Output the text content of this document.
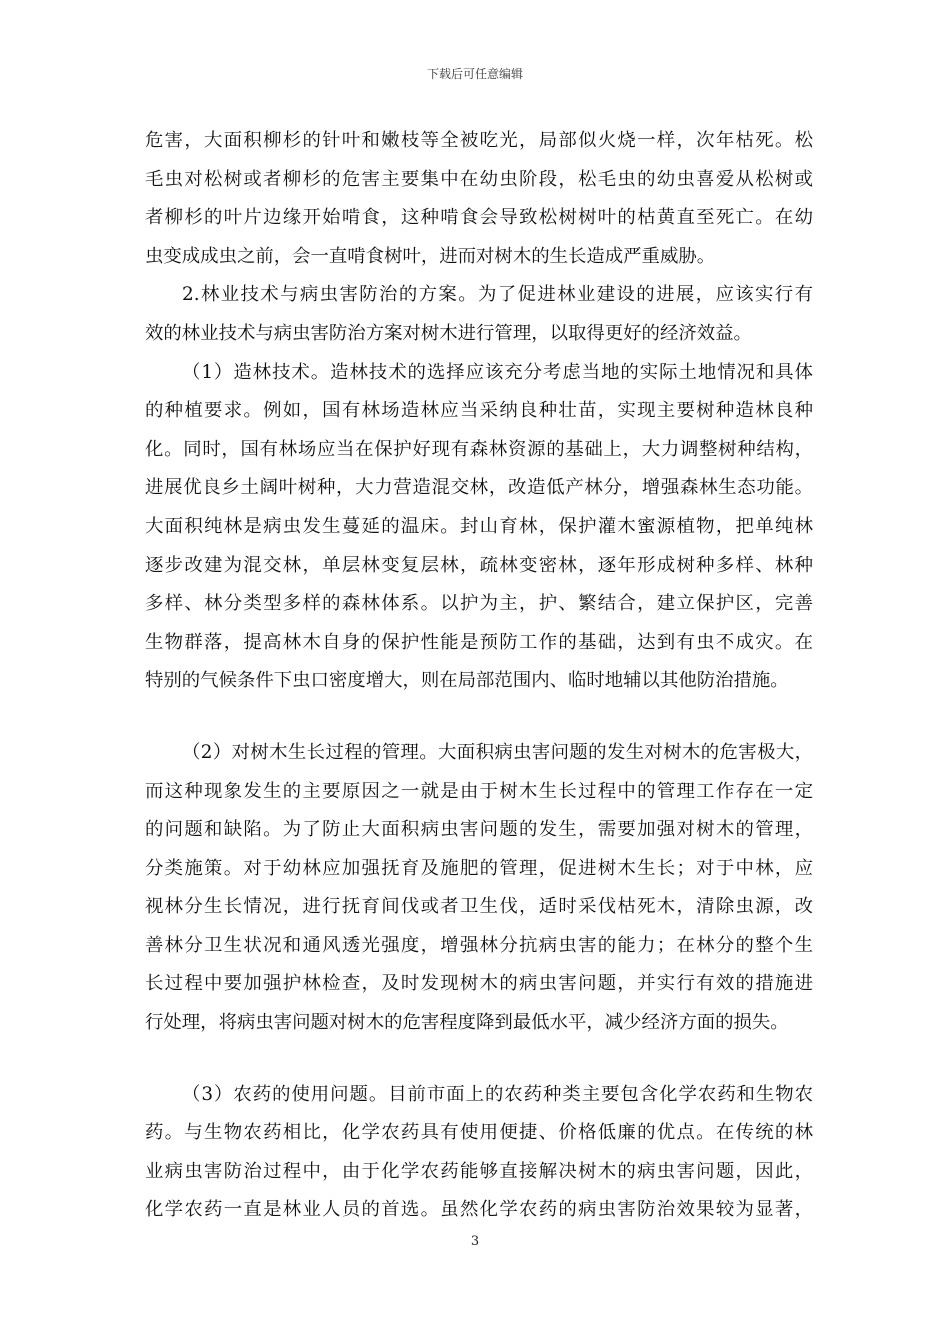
下载后可任意编辑
危害，大面积柳杉的针叶和嫩枝等全被吃光，局部似火烧一样，次年枯死。松
毛虫对松树或者柳杉的危害主要集中在幼虫阶段，松毛虫的幼虫喜爱从松树或
者柳杉的叶片边缘开始啃食，这种啃食会导致松树树叶的枯黄直至死亡。在幼
虫变成成虫之前，会一直啃食树叶，进而对树木的生长造成严重威胁。
2.林业技术与病虫害防治的方案。为了促进林业建设的进展，应该实行有
效的林业技术与病虫害防治方案对树木进行管理，以取得更好的经济效益。
（1）造林技术。造林技术的选择应该充分考虑当地的实际土地情况和具体
的种植要求。例如，国有林场造林应当采纳良种壮苗，实现主要树种造林良种
化。同时，国有林场应当在保护好现有森林资源的基础上，大力调整树种结构，
进展优良乡土阔叶树种，大力营造混交林，改造低产林分，增强森林生态功能。
大面积纯林是病虫发生蔓延的温床。封山育林，保护灌木蜜源植物，把单纯林
逐步改建为混交林，单层林变复层林，疏林变密林，逐年形成树种多样、林种
多样、林分类型多样的森林体系。以护为主，护、繁结合，建立保护区，完善
生物群落，提高林木自身的保护性能是预防工作的基础，达到有虫不成灾。在
特别的气候条件下虫口密度增大，则在局部范围内、临时地辅以其他防治措施。
（2）对树木生长过程的管理。大面积病虫害问题的发生对树木的危害极大，
而这种现象发生的主要原因之一就是由于树木生长过程中的管理工作存在一定
的问题和缺陷。为了防止大面积病虫害问题的发生，需要加强对树木的管理，
分类施策。对于幼林应加强抚育及施肥的管理，促进树木生长；对于中林，应
视林分生长情况，进行抚育间伐或者卫生伐，适时采伐枯死木，清除虫源，改
善林分卫生状况和通风透光强度，增强林分抗病虫害的能力；在林分的整个生
长过程中要加强护林检查，及时发现树木的病虫害问题，并实行有效的措施进
行处理，将病虫害问题对树木的危害程度降到最低水平，减少经济方面的损失。
（3）农药的使用问题。目前市面上的农药种类主要包含化学农药和生物农
药。与生物农药相比，化学农药具有使用便捷、价格低廉的优点。在传统的林
业病虫害防治过程中，由于化学农药能够直接解决树木的病虫害问题，因此，
化学农药一直是林业人员的首选。虽然化学农药的病虫害防治效果较为显著，
3
